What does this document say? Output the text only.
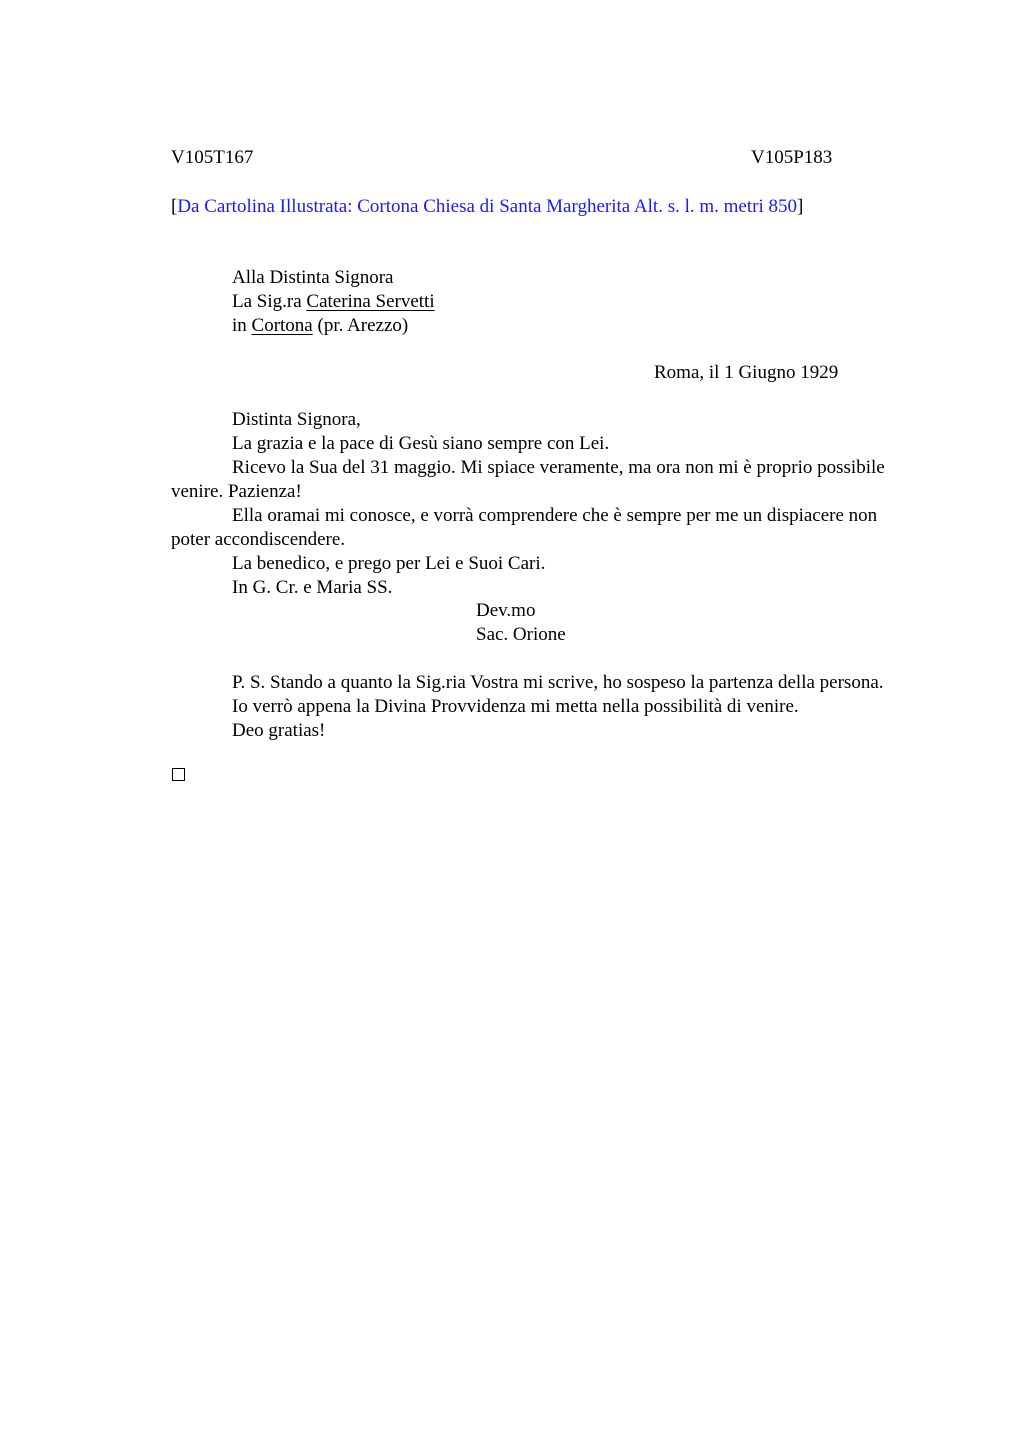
V105T167	V105P183
[Da Cartolina Illustrata: Cortona Chiesa di Santa Margherita Alt. s. l. m. metri 850]
Alla Distinta Signora
La Sig.ra Caterina Servetti
in Cortona (pr. Arezzo)
Roma, il 1 Giugno 1929

Distinta Signora,

La grazia e la pace di Gesù siano sempre con Lei.

Ricevo la Sua del 31 maggio. Mi spiace veramente, ma ora non mi è proprio possibile venire. Pazienza!

Ella oramai mi conosce, e vorrà comprendere che è sempre per me un dispiacere non poter accondiscendere.

La benedico, e prego per Lei e Suoi Cari.

In G. Cr. e Maria SS.

Dev.mo
Sac. Orione

P. S. Stando a quanto la Sig.ria Vostra mi scrive, ho sospeso la partenza della persona.

Io verrò appena la Divina Provvidenza mi metta nella possibilità di venire.

Deo gratias!
